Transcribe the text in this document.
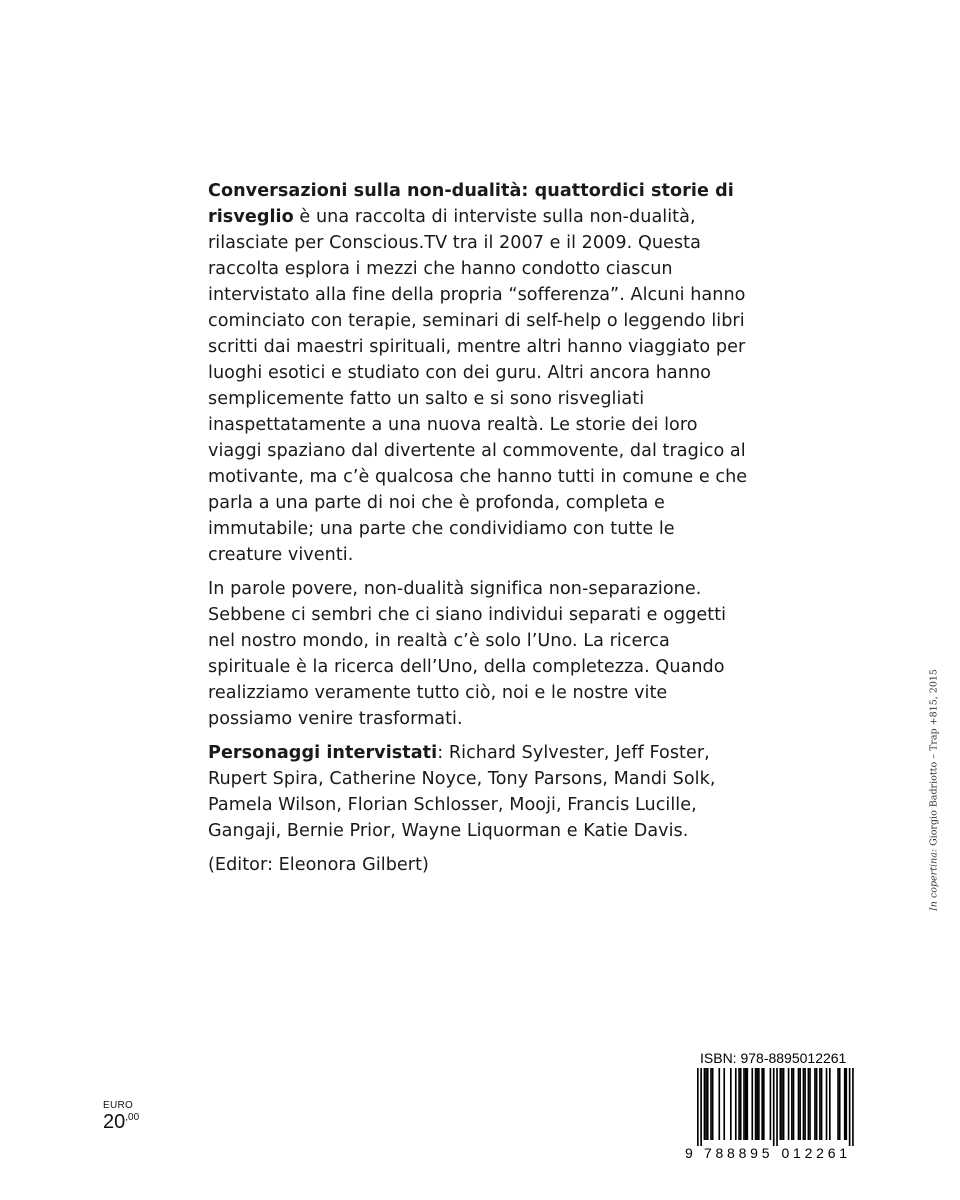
Conversazioni sulla non-dualità: quattordici storie di risveglio è una raccolta di interviste sulla non-dualità, rilasciate per Conscious.TV tra il 2007 e il 2009. Questa raccolta esplora i mezzi che hanno condotto ciascun intervistato alla fine della propria “sofferenza”. Alcuni hanno cominciato con terapie, seminari di self-help o leggendo libri scritti dai maestri spirituali, mentre altri hanno viaggiato per luoghi esotici e studiato con dei guru. Altri ancora hanno semplicemente fatto un salto e si sono risvegliati inaspettatamente a una nuova realtà. Le storie dei loro viaggi spaziano dal divertente al commovente, dal tragico al motivante, ma c’è qualcosa che hanno tutti in comune e che parla a una parte di noi che è profonda, completa e immutabile; una parte che condividiamo con tutte le creature viventi.

In parole povere, non-dualità significa non-separazione. Sebbene ci sembri che ci siano individui separati e oggetti nel nostro mondo, in realtà c’è solo l’Uno. La ricerca spirituale è la ricerca dell’Uno, della completezza. Quando realizziamo veramente tutto ciò, noi e le nostre vite possiamo venire trasformati.

Personaggi intervistati: Richard Sylvester, Jeff Foster, Rupert Spira, Catherine Noyce, Tony Parsons, Mandi Solk, Pamela Wilson, Florian Schlosser, Mooji, Francis Lucille, Gangaji, Bernie Prior, Wayne Liquorman e Katie Davis.

(Editor: Eleonora Gilbert)	In copertina: Giorgio Badriotto – Trap +815, 2015
EURO
$20^{,00}$
ISBN: 978-8895012261
9 7 8 8 8 9 5 0 1 2 2 6 1
